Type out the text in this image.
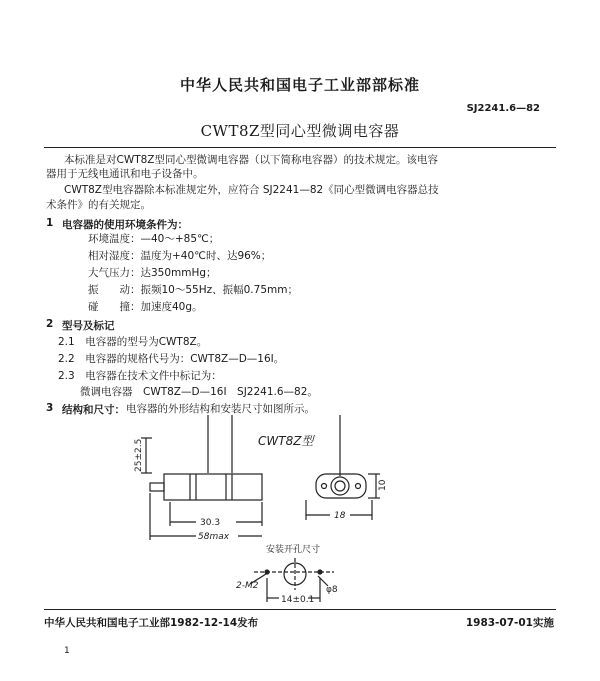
中华人民共和国电子工业部部标准
SJ2241.6—82
CWT8Z型同心型微调电容器
本标准是对CWT8Z型同心型微调电容器（以下简称电容器）的技术规定。该电容
器用于无线电通讯和电子设备中。
CWT8Z型电容器除本标准规定外，应符合 SJ2241—82《同心型微调电容器总技
术条件》的有关规定。
1 电容器的使用环境条件为：
环境温度：—40～+85℃；
相对湿度：温度为+40℃时、达96%；
大气压力：达350mmHg；
振　　动：振频10～55Hz、振幅0.75mm；
碰　　撞：加速度40g。
2 型号及标记
2.1　电容器的型号为CWT8Z。
2.2　电容器的规格代号为：CWT8Z—D—16I。
2.3　电容器在技术文件中标记为：
微调电容器　CWT8Z—D—16I　SJ2241.6—82。
3 结构和尺寸： 电容器的外形结构和安装尺寸如图所示。
CWT8Z型
25±2.5
30.3
58max
10
18
安装开孔尺寸
2-M2
14±0.1
φ8
中华人民共和国电子工业部1982-12-14发布	1983-07-01实施
1
